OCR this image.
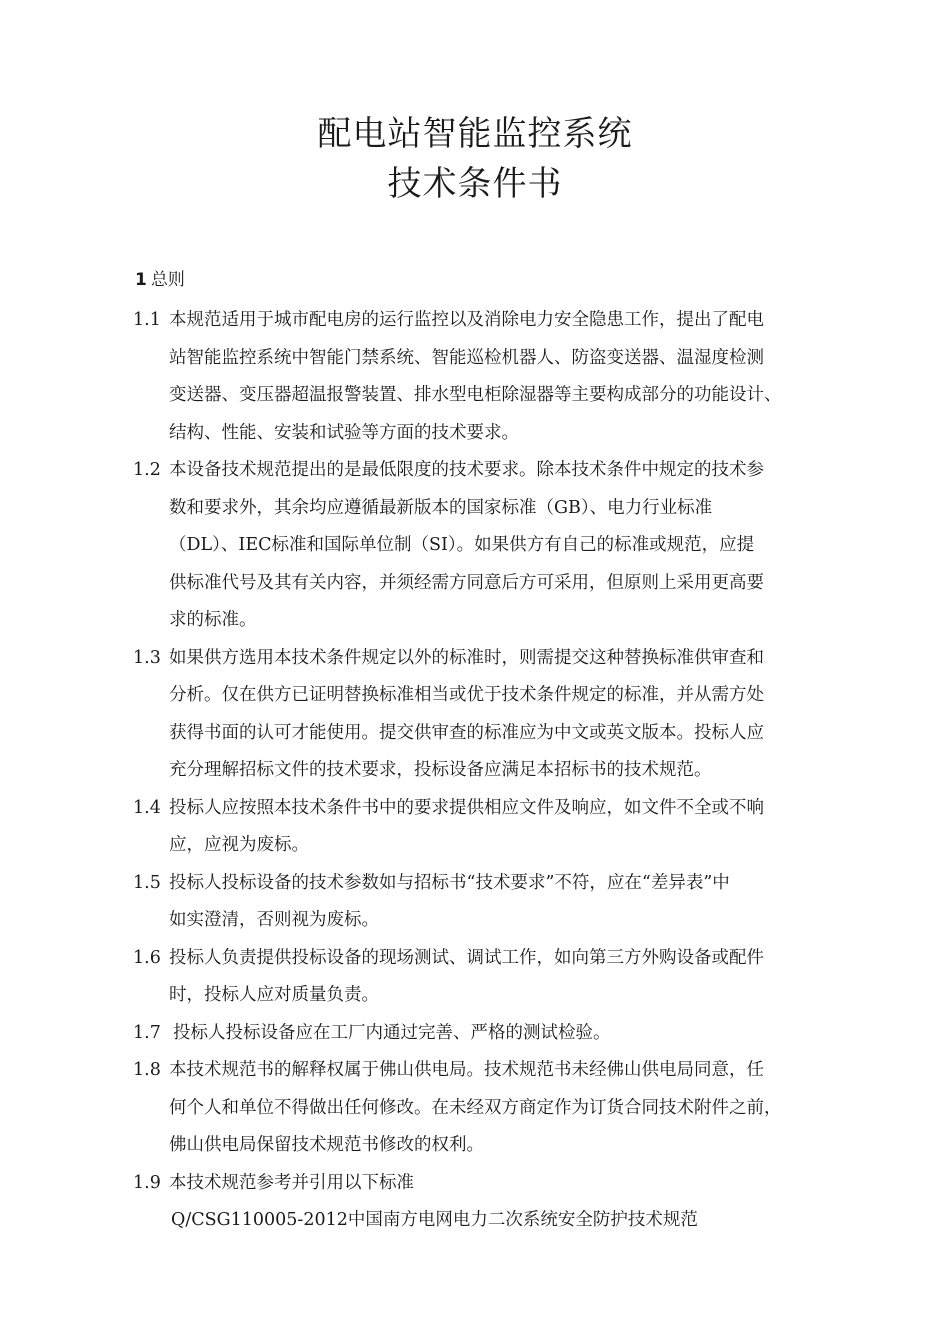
配电站智能监控系统
技术条件书
1 总则
1.1 本规范适用于城市配电房的运行监控以及消除电力安全隐患工作，提出了配电
站智能监控系统中智能门禁系统、智能巡检机器人、防盗变送器、温湿度检测
变送器、变压器超温报警装置、排水型电柜除湿器等主要构成部分的功能设计、
结构、性能、安装和试验等方面的技术要求。
1.2 本设备技术规范提出的是最低限度的技术要求。除本技术条件中规定的技术参
数和要求外，其余均应遵循最新版本的国家标准（GB）、电力行业标准
（DL）、IEC标准和国际单位制（SI）。如果供方有自己的标准或规范，应提
供标准代号及其有关内容，并须经需方同意后方可采用，但原则上采用更高要
求的标准。
1.3 如果供方选用本技术条件规定以外的标准时，则需提交这种替换标准供审查和
分析。仅在供方已证明替换标准相当或优于技术条件规定的标准，并从需方处
获得书面的认可才能使用。提交供审查的标准应为中文或英文版本。投标人应
充分理解招标文件的技术要求，投标设备应满足本招标书的技术规范。
1.4 投标人应按照本技术条件书中的要求提供相应文件及响应，如文件不全或不响
应，应视为废标。
1.5 投标人投标设备的技术参数如与招标书“技术要求”不符，应在“差异表”中
如实澄清，否则视为废标。
1.6 投标人负责提供投标设备的现场测试、调试工作，如向第三方外购设备或配件
时，投标人应对质量负责。
1.7 投标人投标设备应在工厂内通过完善、严格的测试检验。
1.8 本技术规范书的解释权属于佛山供电局。技术规范书未经佛山供电局同意，任
何个人和单位不得做出任何修改。在未经双方商定作为订货合同技术附件之前，
佛山供电局保留技术规范书修改的权利。
1.9 本技术规范参考并引用以下标准
Q/CSG110005-2012中国南方电网电力二次系统安全防护技术规范
